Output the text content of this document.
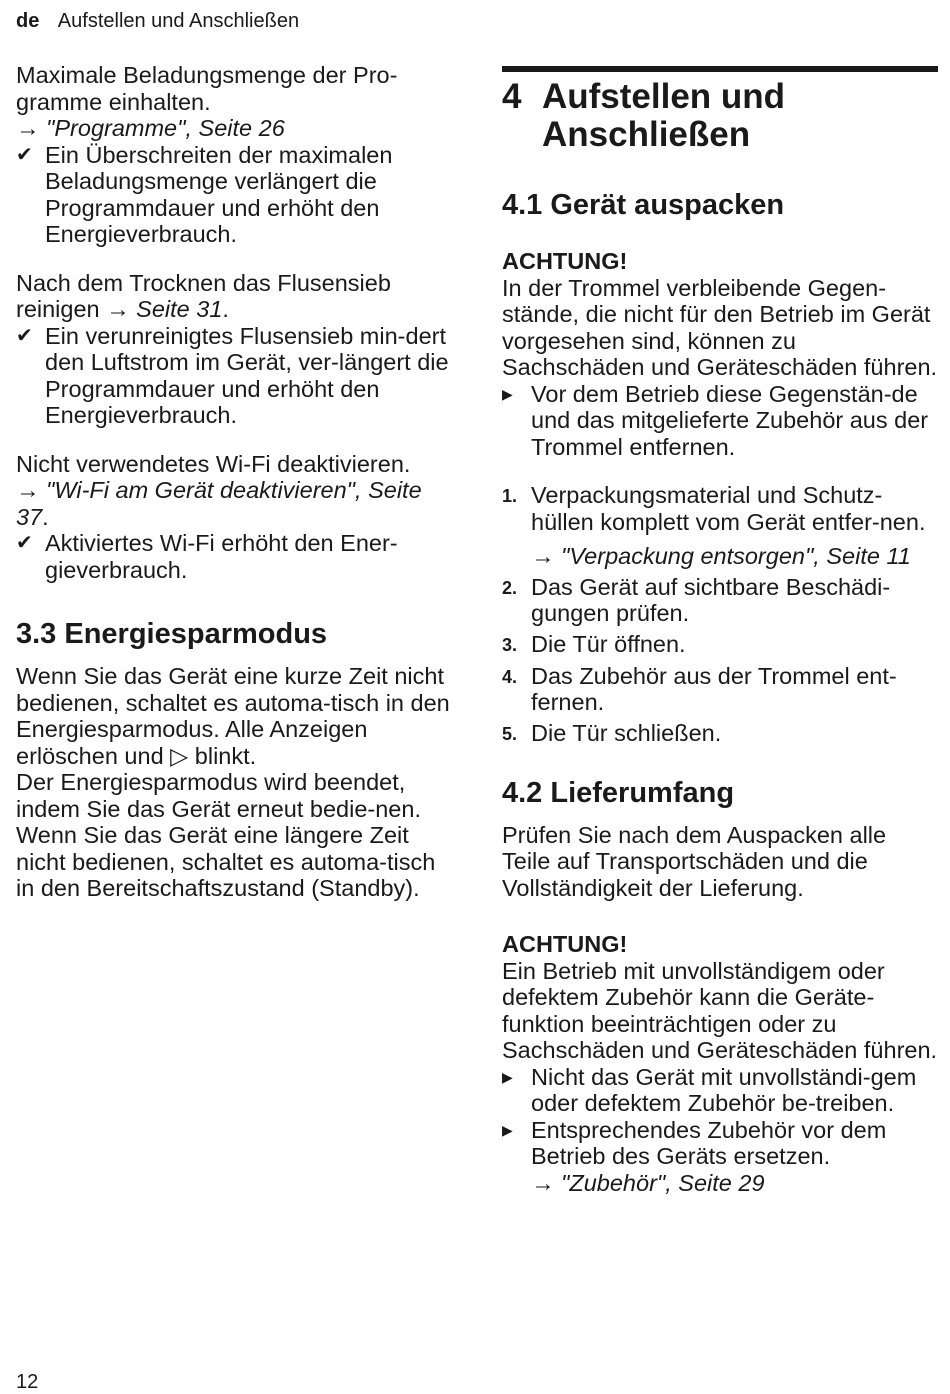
de Aufstellen und Anschließen

Maximale Beladungsmenge der Pro-gramme einhalten.

→ "Programme", Seite 26

✔ Ein Überschreiten der maximalen Beladungsmenge verlängert die Programmdauer und erhöht den Energieverbrauch.

Nach dem Trocknen das Flusensieb reinigen → Seite 31.

✔ Ein verunreinigtes Flusensieb min-dert den Luftstrom im Gerät, ver-längert die Programmdauer und erhöht den Energieverbrauch.

Nicht verwendetes Wi-Fi deaktivieren.

→ "Wi-Fi am Gerät deaktivieren", Seite 37.

✔ Aktiviertes Wi-Fi erhöht den Ener-gieverbrauch.
3.3 Energiesparmodus

Wenn Sie das Gerät eine kurze Zeit nicht bedienen, schaltet es automa-tisch in den Energiesparmodus. Alle Anzeigen erlöschen und ▷ blinkt.

Der Energiesparmodus wird beendet, indem Sie das Gerät erneut bedie-nen.

Wenn Sie das Gerät eine längere Zeit nicht bedienen, schaltet es automa-tisch in den Bereitschaftszustand (Standby).

4 Aufstellen und
Anschließen
4.1 Gerät auspacken

ACHTUNG!

In der Trommel verbleibende Gegen-stände, die nicht für den Betrieb im Gerät vorgesehen sind, können zu Sachschäden und Geräteschäden führen.

▶ Vor dem Betrieb diese Gegenstän-de und das mitgelieferte Zubehör aus der Trommel entfernen.
1. Verpackungsmaterial und Schutz-hüllen komplett vom Gerät entfer-nen.

→ "Verpackung entsorgen", Seite 11

2. Das Gerät auf sichtbare Beschädi-gungen prüfen.
3. Die Tür öffnen.
4. Das Zubehör aus der Trommel ent-fernen.
5. Die Tür schließen.
4.2 Lieferumfang

Prüfen Sie nach dem Auspacken alle Teile auf Transportschäden und die Vollständigkeit der Lieferung.

ACHTUNG!

Ein Betrieb mit unvollständigem oder defektem Zubehör kann die Geräte-funktion beeinträchtigen oder zu Sachschäden und Geräteschäden führen.

▶ Nicht das Gerät mit unvollständi-gem oder defektem Zubehör be-treiben.
▶ Entsprechendes Zubehör vor dem Betrieb des Geräts ersetzen.

→ "Zubehör", Seite 29

12
